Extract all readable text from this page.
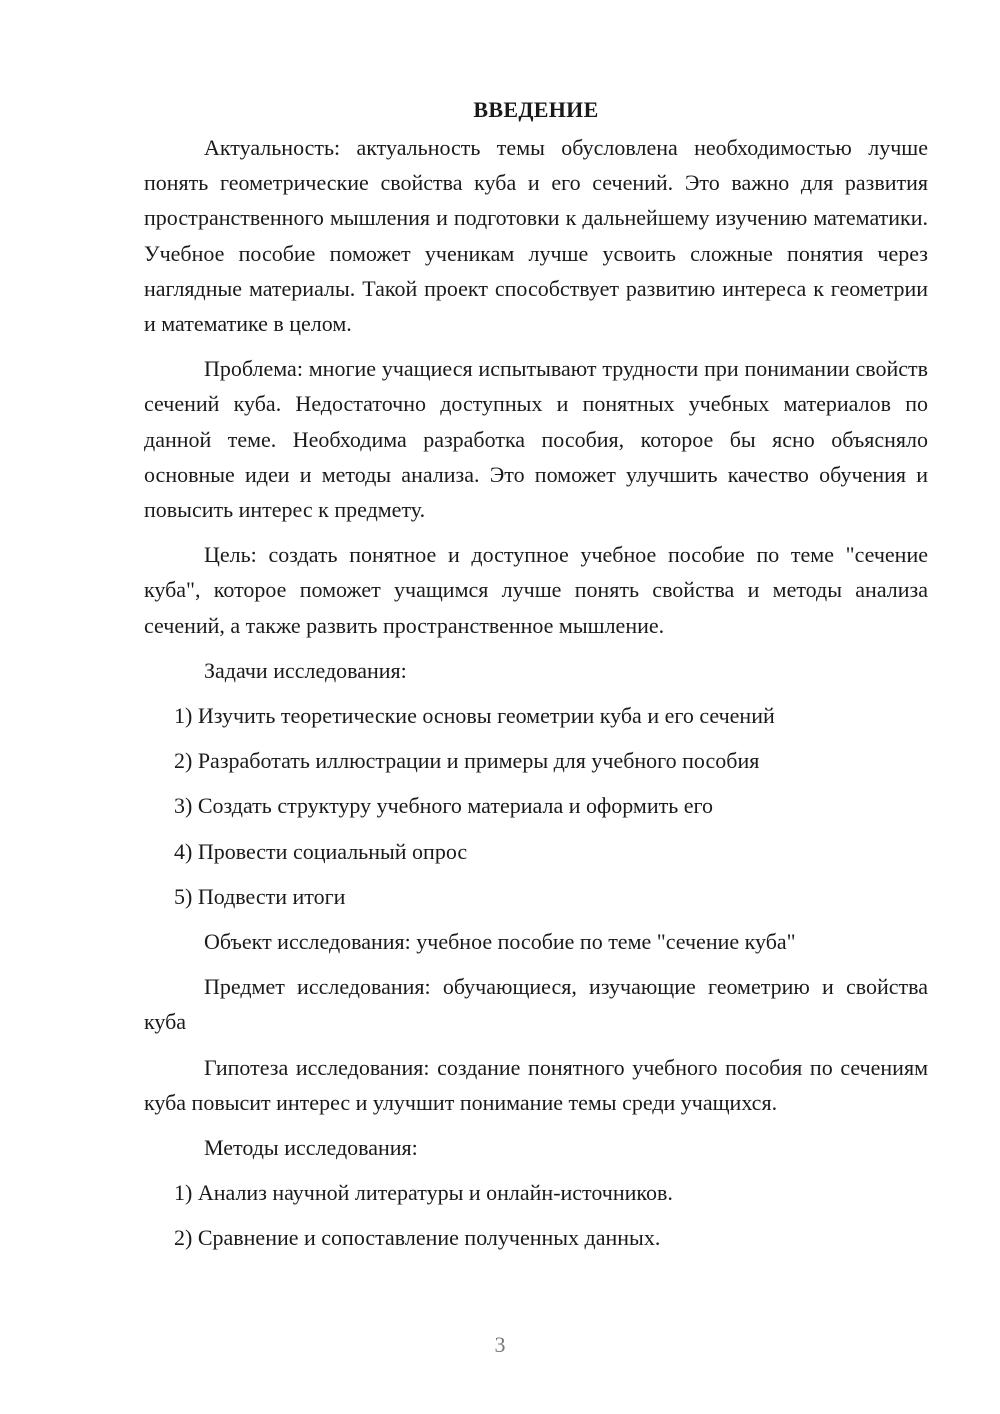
ВВЕДЕНИЕ

Актуальность: актуальность темы обусловлена необходимостью лучше понять геометрические свойства куба и его сечений. Это важно для развития пространственного мышления и подготовки к дальнейшему изучению математики. Учебное пособие поможет ученикам лучше усвоить сложные понятия через наглядные материалы. Такой проект способствует развитию интереса к геометрии и математике в целом.

Проблема: многие учащиеся испытывают трудности при понимании свойств сечений куба. Недостаточно доступных и понятных учебных материалов по данной теме. Необходима разработка пособия, которое бы ясно объясняло основные идеи и методы анализа. Это поможет улучшить качество обучения и повысить интерес к предмету.

Цель: создать понятное и доступное учебное пособие по теме "сечение куба", которое поможет учащимся лучше понять свойства и методы анализа сечений, а также развить пространственное мышление.

Задачи исследования:

1) Изучить теоретические основы геометрии куба и его сечений

2) Разработать иллюстрации и примеры для учебного пособия

3) Создать структуру учебного материала и оформить его

4) Провести социальный опрос

5) Подвести итоги

Объект исследования: учебное пособие по теме "сечение куба"

Предмет исследования: обучающиеся, изучающие геометрию и свойства куба

Гипотеза исследования: создание понятного учебного пособия по сечениям куба повысит интерес и улучшит понимание темы среди учащихся.

Методы исследования:

1) Анализ научной литературы и онлайн-источников.

2) Сравнение и сопоставление полученных данных.

3
